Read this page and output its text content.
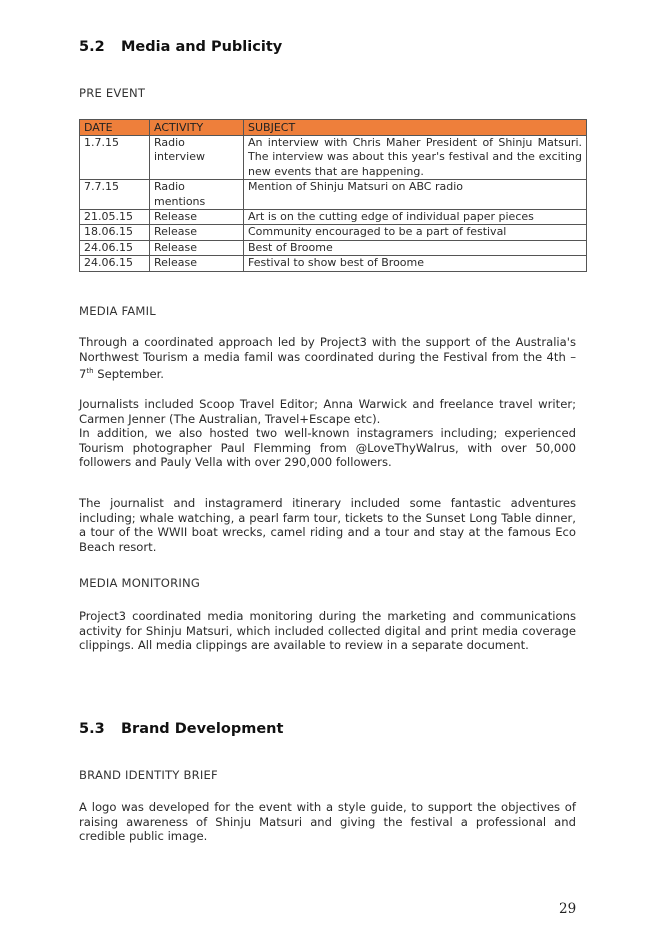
5.2 Media and Publicity
PRE EVENT
DATE	ACTIVITY	SUBJECT
1.7.15	Radio interview	An interview with Chris Maher President of Shinju Matsuri. The interview was about this year's festival and the exciting new events that are happening.
7.7.15	Radio mentions	Mention of Shinju Matsuri on ABC radio
21.05.15	Release	Art is on the cutting edge of individual paper pieces
18.06.15	Release	Community encouraged to be a part of festival
24.06.15	Release	Best of Broome
24.06.15	Release	Festival to show best of Broome
MEDIA FAMIL

Through a coordinated approach led by Project3 with the support of the Australia's Northwest Tourism a media famil was coordinated during the Festival from the 4th – 7th September.

Journalists included Scoop Travel Editor; Anna Warwick and freelance travel writer; Carmen Jenner (The Australian, Travel+Escape etc).

In addition, we also hosted two well-known instagramers including; experienced Tourism photographer Paul Flemming from @LoveThyWalrus, with over 50,000 followers and Pauly Vella with over 290,000 followers.

The journalist and instagramerd itinerary included some fantastic adventures including; whale watching, a pearl farm tour, tickets to the Sunset Long Table dinner, a tour of the WWII boat wrecks, camel riding and a tour and stay at the famous Eco Beach resort.
MEDIA MONITORING
Project3 coordinated media monitoring during the marketing and communications activity for Shinju Matsuri, which included collected digital and print media coverage clippings. All media clippings are available to review in a separate document.
5.3 Brand Development
BRAND IDENTITY BRIEF
A logo was developed for the event with a style guide, to support the objectives of raising awareness of Shinju Matsuri and giving the festival a professional and credible public image.
29
